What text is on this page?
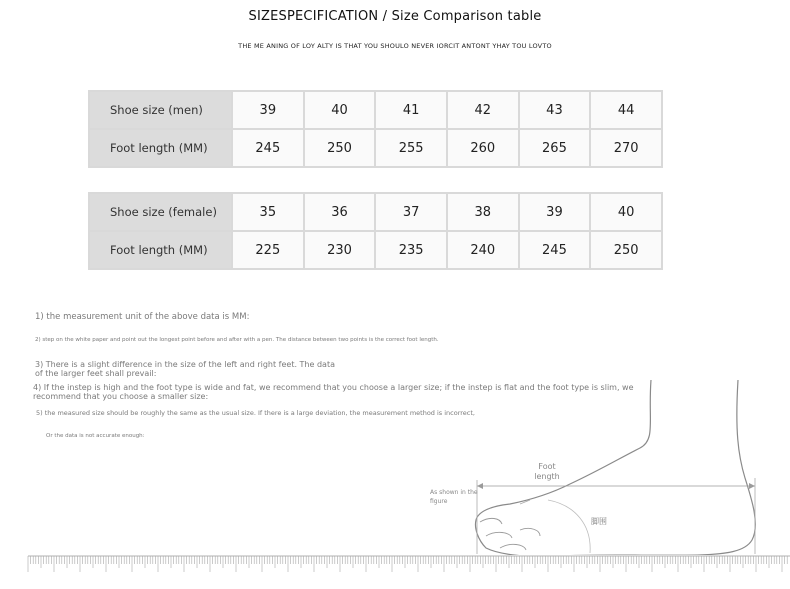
SIZESPECIFICATION / Size Comparison table
THE ME ANING OF LOY ALTY IS THAT YOU SHOULO NEVER IORCIT ANTONT YHAY TOU LOVTO
Shoe size (men)	39	40	41	42	43	44
Foot length (MM)	245	250	255	260	265	270
Shoe size (female)	35	36	37	38	39	40
Foot length (MM)	225	230	235	240	245	250
1) the measurement unit of the above data is MM:
2) step on the white paper and point out the longest point before and after with a pen. The distance between two points is the correct foot length.
3) There is a slight difference in the size of the left and right feet. The data of the larger feet shall prevail:
4) If the instep is high and the foot type is wide and fat, we recommend that you choose a larger size; if the instep is flat and the foot type is slim, we recommend that you choose a smaller size:
5) the measured size should be roughly the same as the usual size. If there is a large deviation, the measurement method is incorrect,
Or the data is not accurate enough:
Foot length
As shown in the figure
脚围
